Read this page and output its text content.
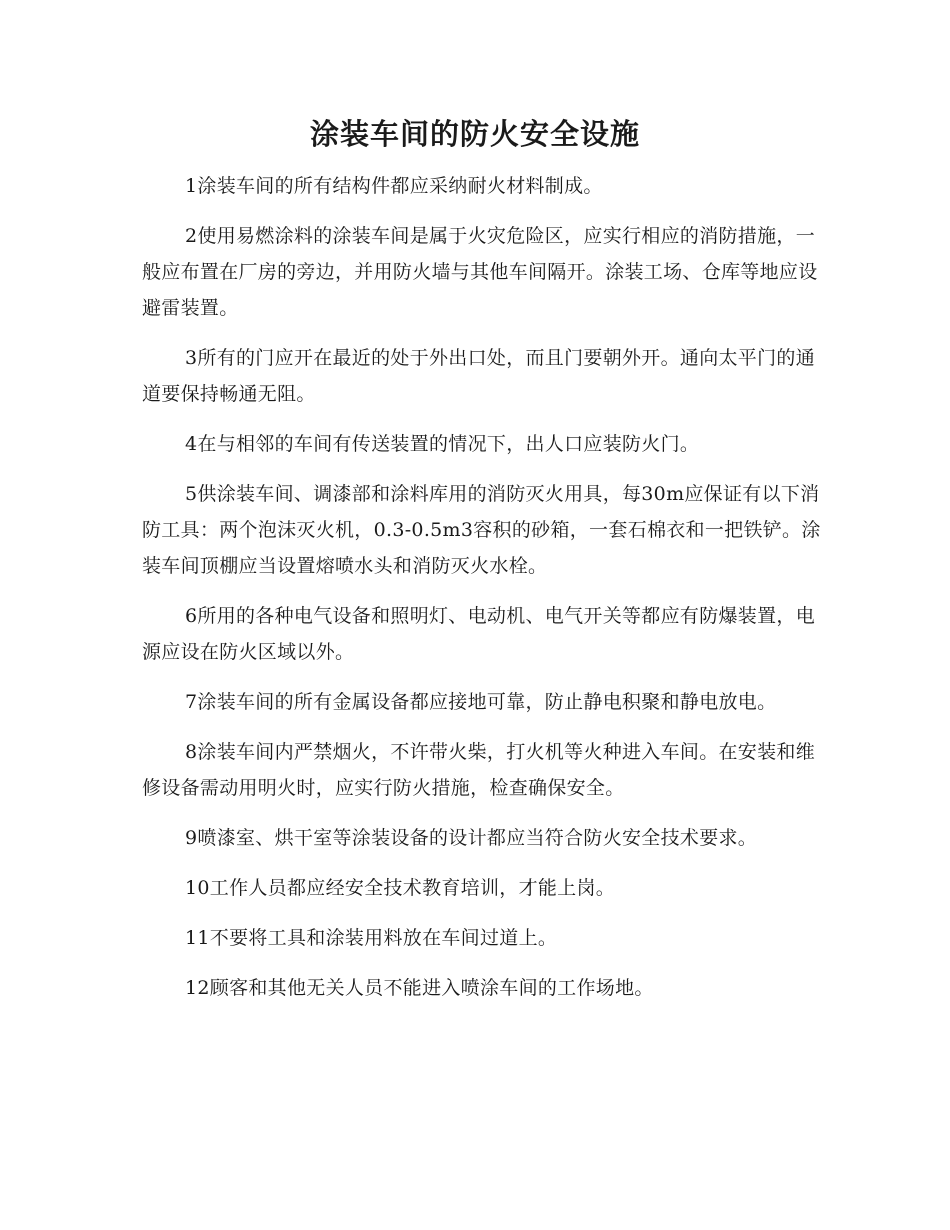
涂装车间的防火安全设施

1涂装车间的所有结构件都应采纳耐火材料制成。

2使用易燃涂料的涂装车间是属于火灾危险区，应实行相应的消防措施，一般应布置在厂房的旁边，并用防火墙与其他车间隔开。涂装工场、仓库等地应设避雷装置。

3所有的门应开在最近的处于外出口处，而且门要朝外开。通向太平门的通道要保持畅通无阻。

4在与相邻的车间有传送装置的情况下，出人口应装防火门。

5供涂装车间、调漆部和涂料库用的消防灭火用具，每30m应保证有以下消防工具：两个泡沫灭火机，0.3-0.5m3容积的砂箱，一套石棉衣和一把铁铲。涂装车间顶棚应当设置熔喷水头和消防灭火水栓。

6所用的各种电气设备和照明灯、电动机、电气开关等都应有防爆装置，电源应设在防火区域以外。

7涂装车间的所有金属设备都应接地可靠，防止静电积聚和静电放电。

8涂装车间内严禁烟火，不许带火柴，打火机等火种进入车间。在安装和维修设备需动用明火时，应实行防火措施，检查确保安全。

9喷漆室、烘干室等涂装设备的设计都应当符合防火安全技术要求。

10工作人员都应经安全技术教育培训，才能上岗。

11不要将工具和涂装用料放在车间过道上。

12顾客和其他无关人员不能进入喷涂车间的工作场地。
